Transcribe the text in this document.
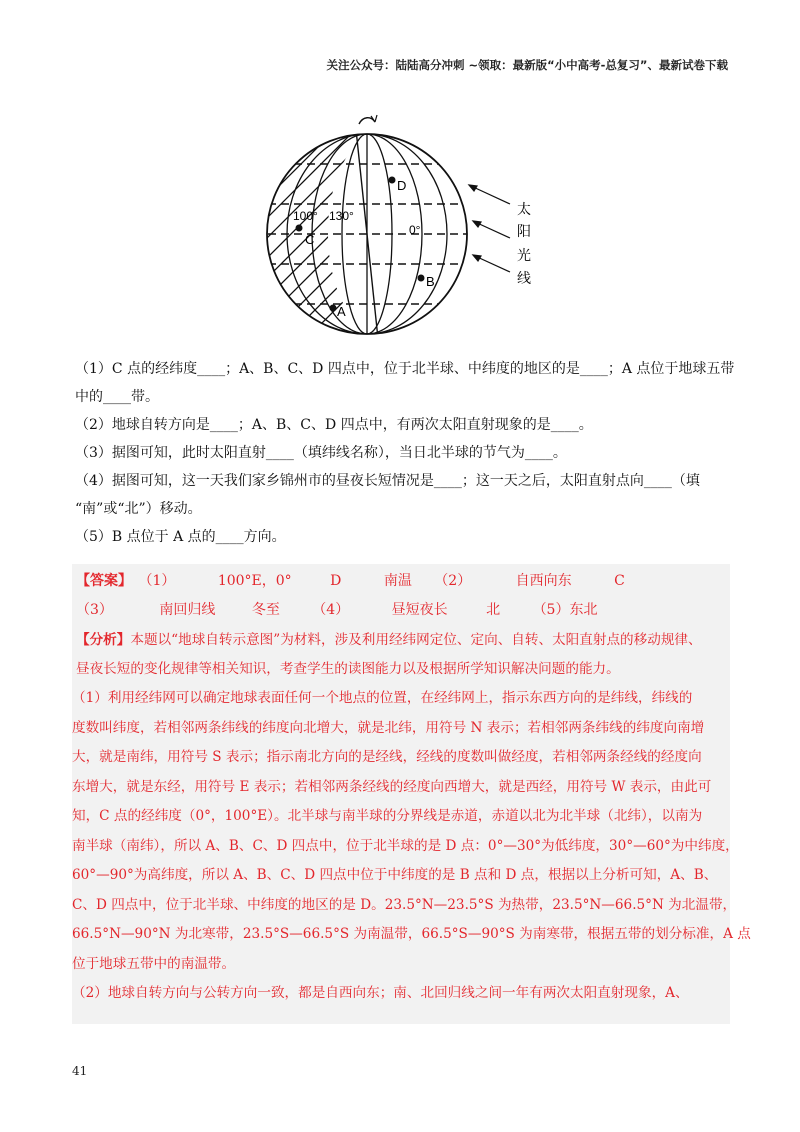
关注公众号：陆陆高分冲刺 ~领取：最新版“小中高考-总复习”、最新试卷下载
D
C
B
A
100° 130°
0°
太
阳
光
线

（1）C 点的经纬度____；A、B、C、D 四点中，位于北半球、中纬度的地区的是____；A 点位于地球五带

中的____带。

（2）地球自转方向是____；A、B、C、D 四点中，有两次太阳直射现象的是____。

（3）据图可知，此时太阳直射____（填纬线名称），当日北半球的节气为____。

（4）据图可知，这一天我们家乡锦州市的昼夜长短情况是____；这一天之后，太阳直射点向____（填

“南”或“北”）移动。

（5）B 点位于 A 点的____方向。

【答案】 （1）	100°E，0°	D	南温 （2）	自西向东	C
（3）	南回归线	冬至 （4）	昼短夜长	北 （5）东北
【分析】本题以“地球自转示意图”为材料，涉及利用经纬网定位、定向、自转、太阳直射点的移动规律、
昼夜长短的变化规律等相关知识，考查学生的读图能力以及根据所学知识解决问题的能力。

（1）利用经纬网可以确定地球表面任何一个地点的位置，在经纬网上，指示东西方向的是纬线，纬线的

度数叫纬度，若相邻两条纬线的纬度向北增大，就是北纬，用符号 N 表示；若相邻两条纬线的纬度向南增

大，就是南纬，用符号 S 表示；指示南北方向的是经线，经线的度数叫做经度，若相邻两条经线的经度向

东增大，就是东经，用符号 E 表示；若相邻两条经线的经度向西增大，就是西经，用符号 W 表示，由此可

知，C 点的经纬度（0°，100°E）。北半球与南半球的分界线是赤道，赤道以北为北半球（北纬），以南为

南半球（南纬），所以 A、B、C、D 四点中，位于北半球的是 D 点：0°—30°为低纬度，30°—60°为中纬度，

60°—90°为高纬度，所以 A、B、C、D 四点中位于中纬度的是 B 点和 D 点，根据以上分析可知，A、B、

C、D 四点中，位于北半球、中纬度的地区的是 D。23.5°N—23.5°S 为热带，23.5°N—66.5°N 为北温带，

66.5°N—90°N 为北寒带，23.5°S—66.5°S 为南温带，66.5°S—90°S 为南寒带，根据五带的划分标准，A 点

位于地球五带中的南温带。

（2）地球自转方向与公转方向一致，都是自西向东；南、北回归线之间一年有两次太阳直射现象，A、

41
